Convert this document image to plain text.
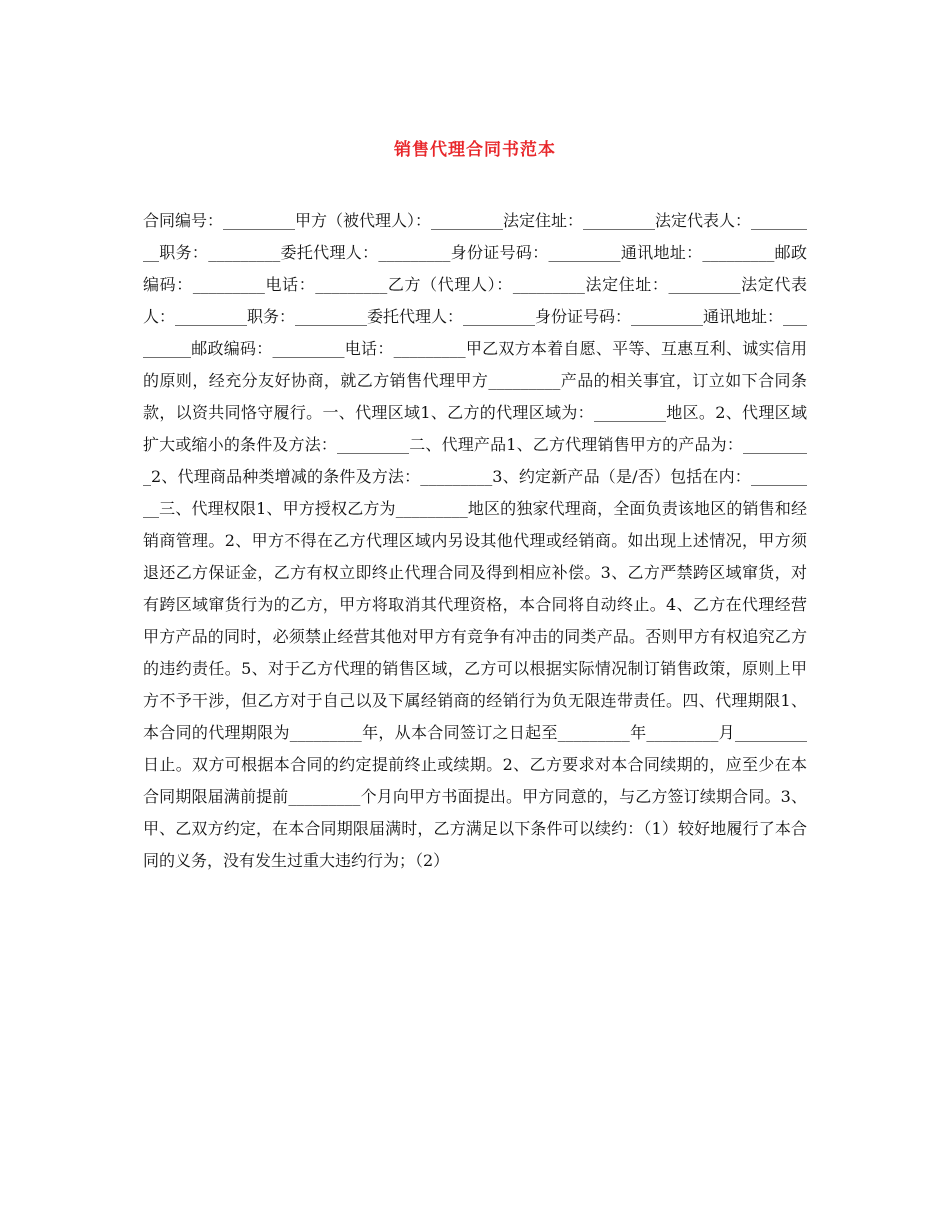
销售代理合同书范本

合同编号：_________甲方（被代理人）：_________法定住址：_________法定代表人：_________职务：_________委托代理人：_________身份证号码：_________通讯地址：_________邮政编码：_________电话：_________乙方（代理人）：_________法定住址：_________法定代表人：_________职务：_________委托代理人：_________身份证号码：_________通讯地址：_________邮政编码：_________电话：_________甲乙双方本着自愿、平等、互惠互利、诚实信用的原则，经充分友好协商，就乙方销售代理甲方_________产品的相关事宜，订立如下合同条款，以资共同恪守履行。一、代理区域1、乙方的代理区域为：_________地区。2、代理区域扩大或缩小的条件及方法：_________二、代理产品1、乙方代理销售甲方的产品为：_________2、代理商品种类增减的条件及方法：_________3、约定新产品（是/否）包括在内：_________三、代理权限1、甲方授权乙方为_________地区的独家代理商，全面负责该地区的销售和经销商管理。2、甲方不得在乙方代理区域内另设其他代理或经销商。如出现上述情况，甲方须退还乙方保证金，乙方有权立即终止代理合同及得到相应补偿。3、乙方严禁跨区域窜货，对有跨区域窜货行为的乙方，甲方将取消其代理资格，本合同将自动终止。4、乙方在代理经营甲方产品的同时，必须禁止经营其他对甲方有竞争有冲击的同类产品。否则甲方有权追究乙方的违约责任。5、对于乙方代理的销售区域，乙方可以根据实际情况制订销售政策，原则上甲方不予干涉，但乙方对于自己以及下属经销商的经销行为负无限连带责任。四、代理期限1、本合同的代理期限为_________年，从本合同签订之日起至_________年_________月_________日止。双方可根据本合同的约定提前终止或续期。2、乙方要求对本合同续期的，应至少在本合同期限届满前提前_________个月向甲方书面提出。甲方同意的，与乙方签订续期合同。3、甲、乙双方约定，在本合同期限届满时，乙方满足以下条件可以续约：（1）较好地履行了本合同的义务，没有发生过重大违约行为；（2）
